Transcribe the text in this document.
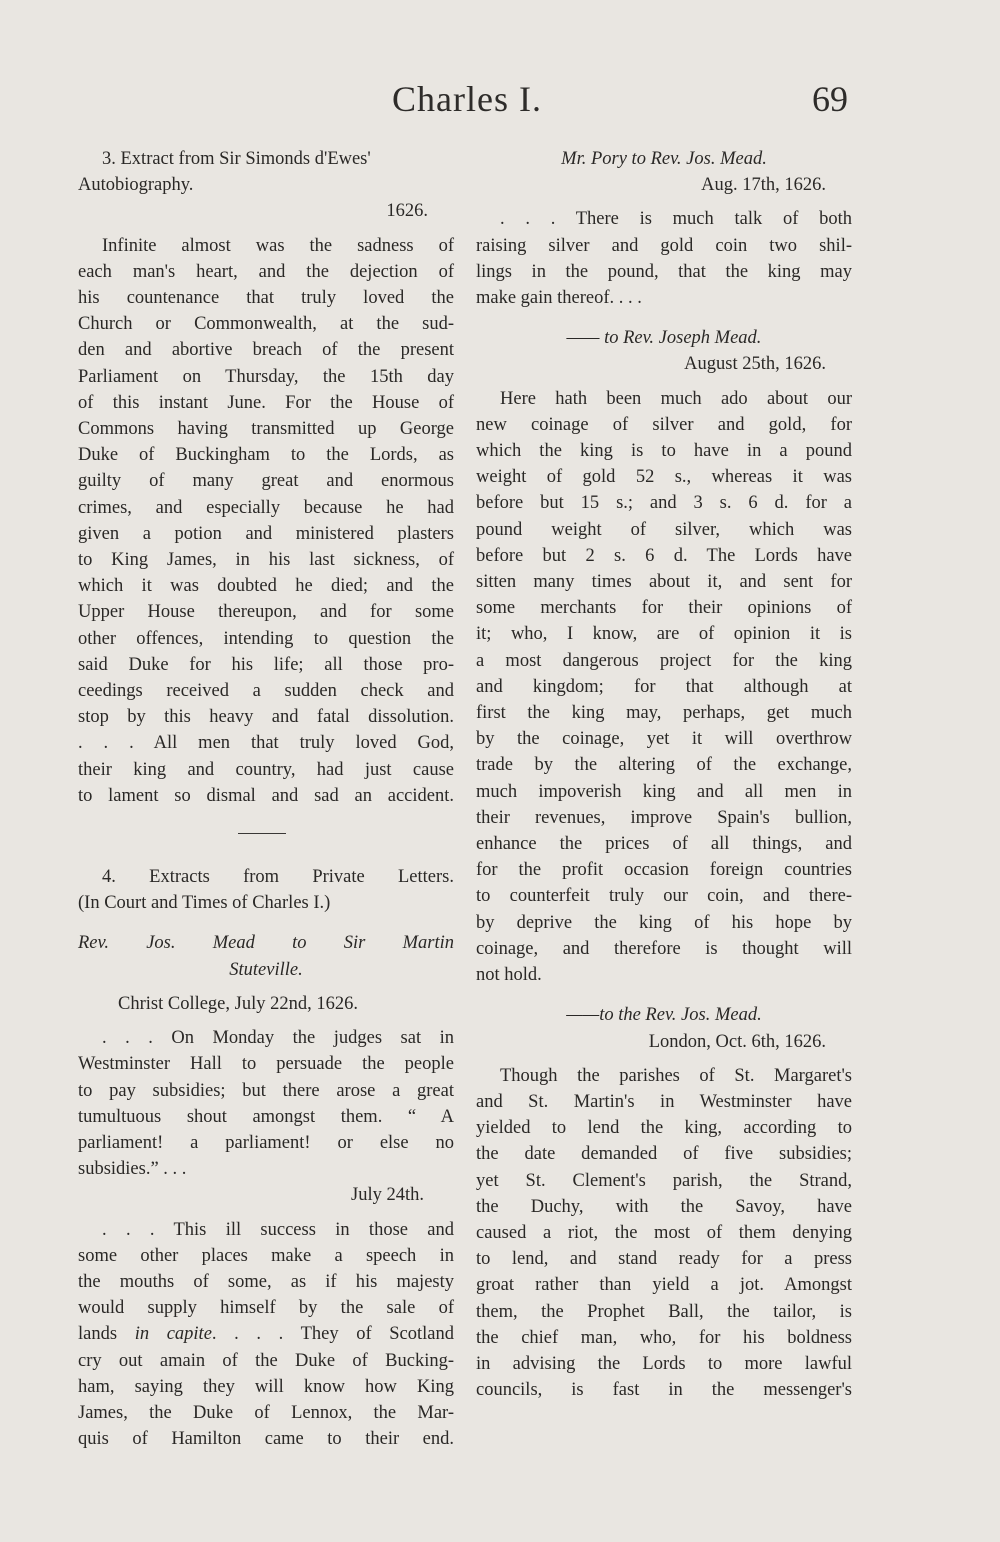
Charles I.	69

3. Extract from Sir Simonds d'Ewes'

Autobiography.

1626.

Infinite almost was the sadness of

each man's heart, and the dejection of

his countenance that truly loved the

Church or Commonwealth, at the sud-

den and abortive breach of the present

Parliament on Thursday, the 15th day

of this instant June. For the House of

Commons having transmitted up George

Duke of Buckingham to the Lords, as

guilty of many great and enormous

crimes, and especially because he had

given a potion and ministered plasters

to King James, in his last sickness, of

which it was doubted he died; and the

Upper House thereupon, and for some

other offences, intending to question the

said Duke for his life; all those pro-

ceedings received a sudden check and

stop by this heavy and fatal dissolution.

. . . All men that truly loved God,

their king and country, had just cause

to lament so dismal and sad an accident.

4. Extracts from Private Letters.

(In Court and Times of Charles I.)

Rev. Jos. Mead to Sir Martin

Stuteville.

Christ College, July 22nd, 1626.

. . . On Monday the judges sat in

Westminster Hall to persuade the people

to pay subsidies; but there arose a great

tumultuous shout amongst them. “ A

parliament! a parliament! or else no

subsidies.” . . .

July 24th.

. . . This ill success in those and

some other places make a speech in

the mouths of some, as if his majesty

would supply himself by the sale of

lands in capite. . . . They of Scotland

cry out amain of the Duke of Bucking-

ham, saying they will know how King

James, the Duke of Lennox, the Mar-

quis of Hamilton came to their end.

Mr. Pory to Rev. Jos. Mead.

Aug. 17th, 1626.

. . . There is much talk of both

raising silver and gold coin two shil-

lings in the pound, that the king may

make gain thereof. . . .

—— to Rev. Joseph Mead.

August 25th, 1626.

Here hath been much ado about our

new coinage of silver and gold, for

which the king is to have in a pound

weight of gold 52 s., whereas it was

before but 15 s.; and 3 s. 6 d. for a

pound weight of silver, which was

before but 2 s. 6 d. The Lords have

sitten many times about it, and sent for

some merchants for their opinions of

it; who, I know, are of opinion it is

a most dangerous project for the king

and kingdom; for that although at

first the king may, perhaps, get much

by the coinage, yet it will overthrow

trade by the altering of the exchange,

much impoverish king and all men in

their revenues, improve Spain's bullion,

enhance the prices of all things, and

for the profit occasion foreign countries

to counterfeit truly our coin, and there-

by deprive the king of his hope by

coinage, and therefore is thought will

not hold.

——to the Rev. Jos. Mead.

London, Oct. 6th, 1626.

Though the parishes of St. Margaret's

and St. Martin's in Westminster have

yielded to lend the king, according to

the date demanded of five subsidies;

yet St. Clement's parish, the Strand,

the Duchy, with the Savoy, have

caused a riot, the most of them denying

to lend, and stand ready for a press

groat rather than yield a jot. Amongst

them, the Prophet Ball, the tailor, is

the chief man, who, for his boldness

in advising the Lords to more lawful

councils, is fast in the messenger's
